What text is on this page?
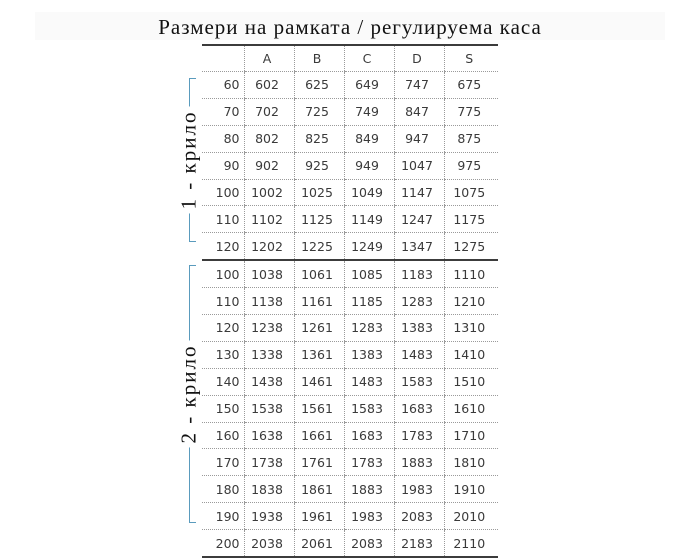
Размери на рамката / регулируема каса
1 - крило
2 - крило
	A	B	C	D	S
60	602	625	649	747	675
70	702	725	749	847	775
80	802	825	849	947	875
90	902	925	949	1047	975
100	1002	1025	1049	1147	1075
110	1102	1125	1149	1247	1175
120	1202	1225	1249	1347	1275
100	1038	1061	1085	1183	1110
110	1138	1161	1185	1283	1210
120	1238	1261	1283	1383	1310
130	1338	1361	1383	1483	1410
140	1438	1461	1483	1583	1510
150	1538	1561	1583	1683	1610
160	1638	1661	1683	1783	1710
170	1738	1761	1783	1883	1810
180	1838	1861	1883	1983	1910
190	1938	1961	1983	2083	2010
200	2038	2061	2083	2183	2110
